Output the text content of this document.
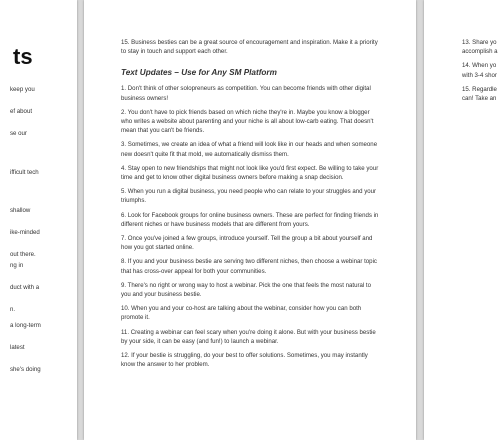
ts
keep you
ef about
se our
ifficult tech
shallow
ike-minded
out there.
ng in
duct with a
n.
a long-term
latest
she's doing

15. Business besties can be a great source of encouragement and inspiration. Make it a priority to stay in touch and support each other.

Text Updates – Use for Any SM Platform

1. Don't think of other solopreneurs as competition. You can become friends with other digital business owners!

2. You don't have to pick friends based on which niche they're in. Maybe you know a blogger who writes a website about parenting and your niche is all about low-carb eating. That doesn't mean that you can't be friends.

3. Sometimes, we create an idea of what a friend will look like in our heads and when someone new doesn't quite fit that mold, we automatically dismiss them.

4. Stay open to new friendships that might not look like you'd first expect. Be willing to take your time and get to know other digital business owners before making a snap decision.

5. When you run a digital business, you need people who can relate to your struggles and your triumphs.

6. Look for Facebook groups for online business owners. These are perfect for finding friends in different niches or have business models that are different from yours.

7. Once you've joined a few groups, introduce yourself. Tell the group a bit about yourself and how you got started online.

8. If you and your business bestie are serving two different niches, then choose a webinar topic that has cross-over appeal for both your communities.

9. There's no right or wrong way to host a webinar. Pick the one that feels the most natural to you and your business bestie.

10. When you and your co-host are talking about the webinar, consider how you can both promote it.

11. Creating a webinar can feel scary when you're doing it alone. But with your business bestie by your side, it can be easy (and fun!) to launch a webinar.

12. If your bestie is struggling, do your best to offer solutions. Sometimes, you may instantly know the answer to her problem.

13. Share yo
accomplish a

14. When yo
with 3-4 shor

15. Regardle
can! Take an
